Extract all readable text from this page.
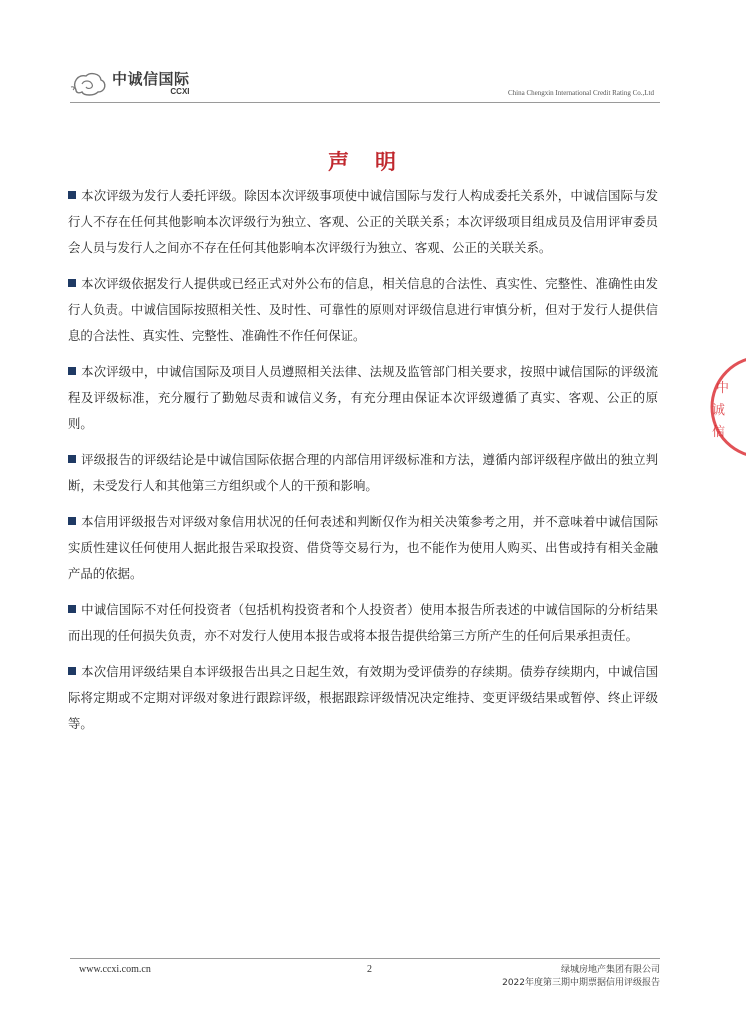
中诚信国际
CCXI	China Chengxin International Credit Rating Co.,Ltd
声明

本次评级为发行人委托评级。除因本次评级事项使中诚信国际与发行人构成委托关系外，中诚信国际与发行人不存在任何其他影响本次评级行为独立、客观、公正的关联关系；本次评级项目组成员及信用评审委员会人员与发行人之间亦不存在任何其他影响本次评级行为独立、客观、公正的关联关系。

本次评级依据发行人提供或已经正式对外公布的信息，相关信息的合法性、真实性、完整性、准确性由发行人负责。中诚信国际按照相关性、及时性、可靠性的原则对评级信息进行审慎分析，但对于发行人提供信息的合法性、真实性、完整性、准确性不作任何保证。

本次评级中，中诚信国际及项目人员遵照相关法律、法规及监管部门相关要求，按照中诚信国际的评级流程及评级标准，充分履行了勤勉尽责和诚信义务，有充分理由保证本次评级遵循了真实、客观、公正的原则。

评级报告的评级结论是中诚信国际依据合理的内部信用评级标准和方法，遵循内部评级程序做出的独立判断，未受发行人和其他第三方组织或个人的干预和影响。

本信用评级报告对评级对象信用状况的任何表述和判断仅作为相关决策参考之用，并不意味着中诚信国际实质性建议任何使用人据此报告采取投资、借贷等交易行为，也不能作为使用人购买、出售或持有相关金融产品的依据。

中诚信国际不对任何投资者（包括机构投资者和个人投资者）使用本报告所表述的中诚信国际的分析结果而出现的任何损失负责，亦不对发行人使用本报告或将本报告提供给第三方所产生的任何后果承担责任。

本次信用评级结果自本评级报告出具之日起生效，有效期为受评债券的存续期。债券存续期内，中诚信国际将定期或不定期对评级对象进行跟踪评级，根据跟踪评级情况决定维持、变更评级结果或暂停、终止评级等。

中
诚
信
www.ccxi.com.cn	2	绿城房地产集团有限公司
2022年度第三期中期票据信用评级报告
